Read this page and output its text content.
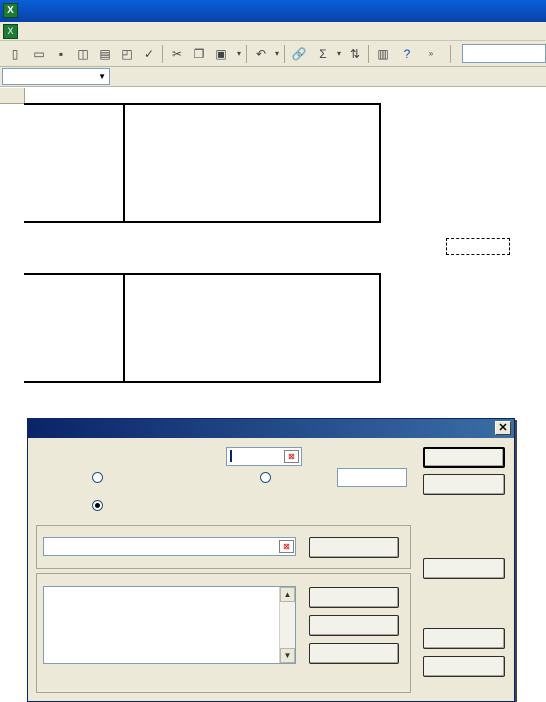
X
X
▯	▭	▪	◫ ▤ ◰ ✓	✂ ❐ ▣	▾	↶	▾	🔗	Σ	▾ ⇅	▥	?	»
▼
✕
⊠
⊠
▲
▼
